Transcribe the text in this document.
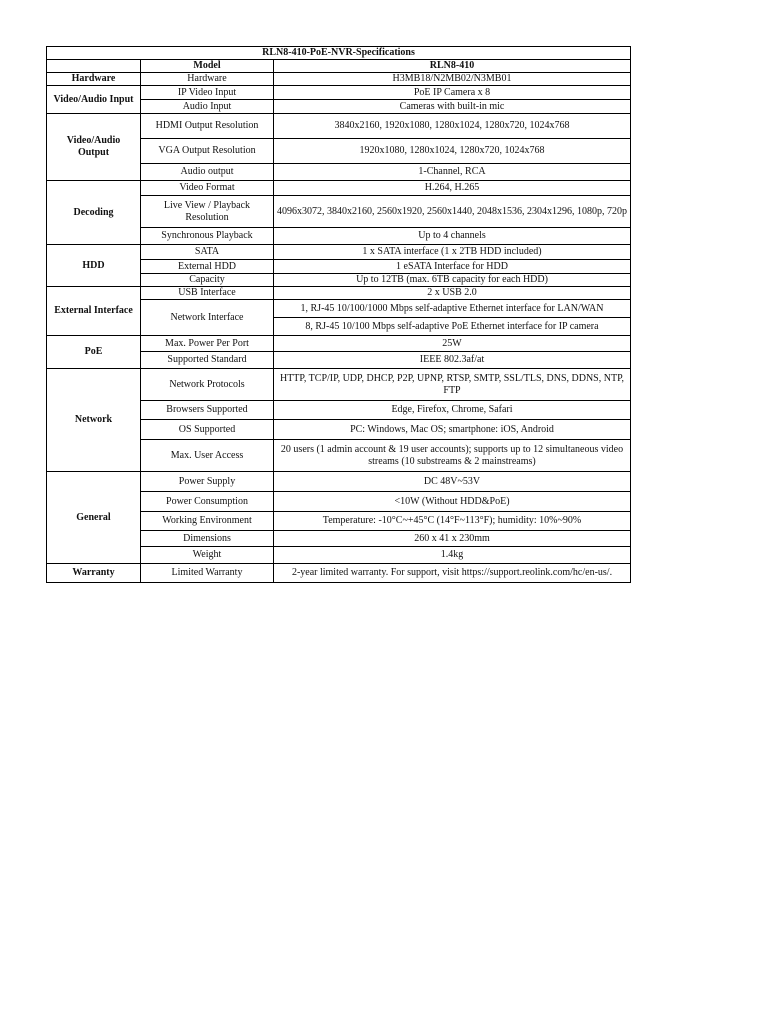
RLN8-410-PoE-NVR-Specifications		
	Model	RLN8-410
Hardware	Hardware	H3MB18/N2MB02/N3MB01
Video/Audio Input	IP Video Input	PoE IP Camera x 8
	Audio Input	Cameras with built-in mic
Video/Audio Output	HDMI Output Resolution	3840x2160, 1920x1080, 1280x1024, 1280x720, 1024x768
	VGA Output Resolution	1920x1080, 1280x1024, 1280x720, 1024x768
	Audio output	1-Channel, RCA
Decoding	Video Format	H.264, H.265
	Live View / Playback Resolution	4096x3072, 3840x2160, 2560x1920, 2560x1440, 2048x1536, 2304x1296, 1080p, 720p
	Synchronous Playback	Up to 4 channels
HDD	SATA	1 x SATA interface (1 x 2TB HDD included)
	External HDD	1 eSATA Interface for HDD
	Capacity	Up to 12TB (max. 6TB capacity for each HDD)
External Interface	USB Interface	2 x USB 2.0
	Network Interface	1, RJ-45 10/100/1000 Mbps self-adaptive Ethernet interface for LAN/WAN
		8, RJ-45 10/100 Mbps self-adaptive PoE Ethernet interface for IP camera
PoE	Max. Power Per Port	25W
	Supported Standard	IEEE 802.3af/at
Network	Network Protocols	HTTP, TCP/IP, UDP, DHCP, P2P, UPNP, RTSP, SMTP, SSL/TLS, DNS, DDNS, NTP, FTP
	Browsers Supported	Edge, Firefox, Chrome, Safari
	OS Supported	PC: Windows, Mac OS; smartphone: iOS, Android
	Max. User Access	20 users (1 admin account & 19 user accounts); supports up to 12 simultaneous video streams (10 substreams & 2 mainstreams)
General	Power Supply	DC 48V~53V
	Power Consumption	<10W (Without HDD&PoE)
	Working Environment	Temperature: -10°C~+45°C (14°F~113°F); humidity: 10%~90%
	Dimensions	260 x 41 x 230mm
	Weight	1.4kg
Warranty	Limited Warranty	2-year limited warranty. For support, visit https://support.reolink.com/hc/en-us/.
